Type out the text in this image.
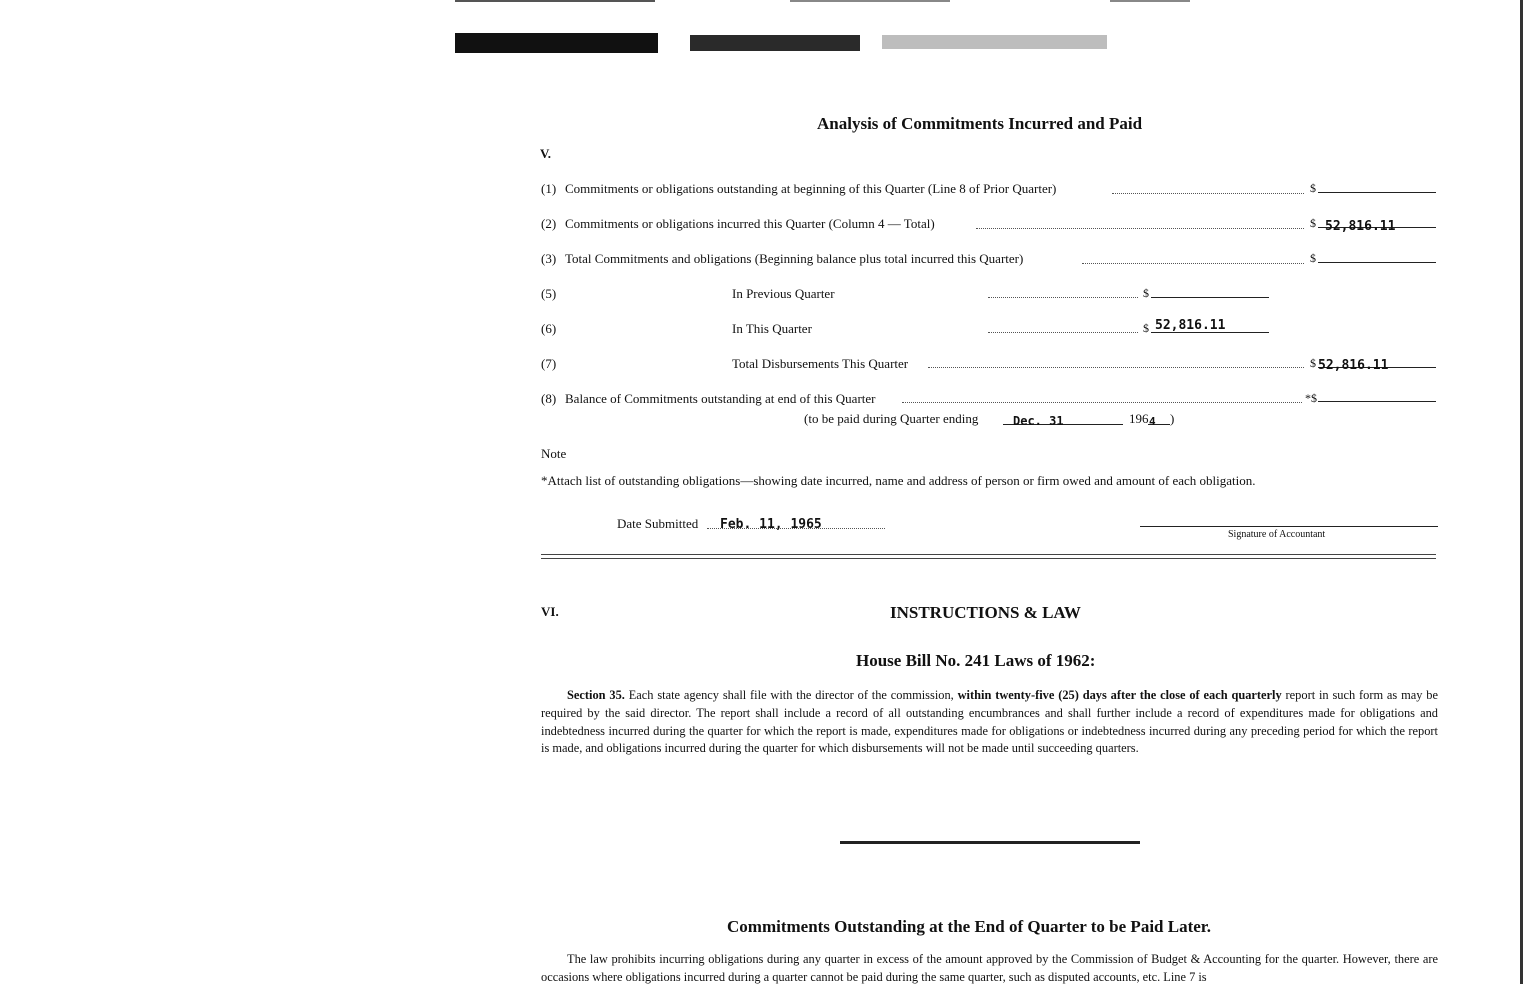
Analysis of Commitments Incurred and Paid
V.
(1) Commitments or obligations outstanding at beginning of this Quarter (Line 8 of Prior Quarter)	$
(2) Commitments or obligations incurred this Quarter (Column 4 — Total)	$ 52,816.11
(3) Total Commitments and obligations (Beginning balance plus total incurred this Quarter)	$
(5)	In Previous Quarter	$
(6)	In This Quarter	$ 52,816.11
(7)	Total Disbursements This Quarter	$ 52,816.11
(8) Balance of Commitments outstanding at end of this Quarter	*$
(to be paid during Quarter ending	Dec. 31	196 4 )
Note
*Attach list of outstanding obligations—showing date incurred, name and address of person or firm owed and amount of each obligation.
Date Submitted Feb. 11, 1965
Signature of Accountant
VI.	INSTRUCTIONS & LAW
House Bill No. 241 Laws of 1962:
Section 35. Each state agency shall file with the director of the commission, within twenty-five (25) days after the close of each quarterly report in such form as may be required by the said director. The report shall include a record of all outstanding encumbrances and shall further include a record of expenditures made for obligations and indebtedness incurred during the quarter for which the report is made, expenditures made for obligations or indebtedness incurred during any preceding period for which the report is made, and obligations incurred during the quarter for which disbursements will not be made until succeeding quarters.
Commitments Outstanding at the End of Quarter to be Paid Later.
The law prohibits incurring obligations during any quarter in excess of the amount approved by the Commission of Budget & Accounting for the quarter. However, there are occasions where obligations incurred during a quarter cannot be paid during the same quarter, such as disputed accounts, etc. Line 7 is
